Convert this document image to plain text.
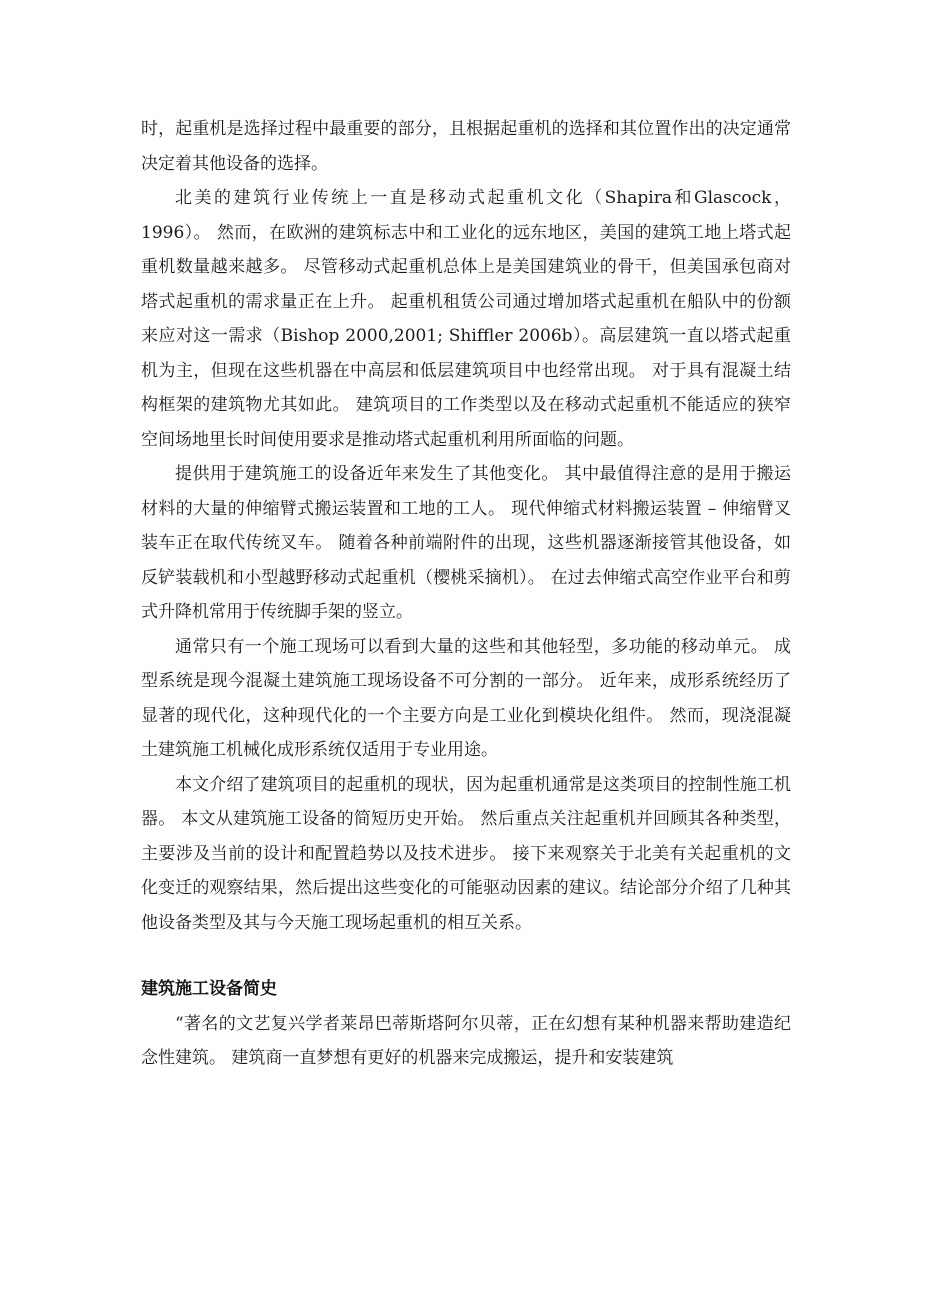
时，起重机是选择过程中最重要的部分，且根据起重机的选择和其位置作出的决定通常决定着其他设备的选择。

北美的建筑行业传统上一直是移动式起重机文化（Shapira和Glascock，1996）。 然而，在欧洲的建筑标志中和工业化的远东地区，美国的建筑工地上塔式起重机数量越来越多。 尽管移动式起重机总体上是美国建筑业的骨干，但美国承包商对塔式起重机的需求量正在上升。 起重机租赁公司通过增加塔式起重机在船队中的份额来应对这一需求（Bishop 2000,2001; Shiffler 2006b）。高层建筑一直以塔式起重机为主，但现在这些机器在中高层和低层建筑项目中也经常出现。 对于具有混凝土结构框架的建筑物尤其如此。 建筑项目的工作类型以及在移动式起重机不能适应的狭窄空间场地里长时间使用要求是推动塔式起重机利用所面临的问题。

提供用于建筑施工的设备近年来发生了其他变化。 其中最值得注意的是用于搬运材料的大量的伸缩臂式搬运装置和工地的工人。 现代伸缩式材料搬运装置 – 伸缩臂叉装车正在取代传统叉车。 随着各种前端附件的出现，这些机器逐渐接管其他设备，如反铲装载机和小型越野移动式起重机（樱桃采摘机）。 在过去伸缩式高空作业平台和剪式升降机常用于传统脚手架的竖立。

通常只有一个施工现场可以看到大量的这些和其他轻型，多功能的移动单元。 成型系统是现今混凝土建筑施工现场设备不可分割的一部分。 近年来，成形系统经历了显著的现代化，这种现代化的一个主要方向是工业化到模块化组件。 然而，现浇混凝土建筑施工机械化成形系统仅适用于专业用途。

本文介绍了建筑项目的起重机的现状，因为起重机通常是这类项目的控制性施工机器。 本文从建筑施工设备的简短历史开始。 然后重点关注起重机并回顾其各种类型，主要涉及当前的设计和配置趋势以及技术进步。 接下来观察关于北美有关起重机的文化变迁的观察结果，然后提出这些变化的可能驱动因素的建议。结论部分介绍了几种其他设备类型及其与今天施工现场起重机的相互关系。

建筑施工设备简史

“著名的文艺复兴学者莱昂巴蒂斯塔阿尔贝蒂，正在幻想有某种机器来帮助建造纪念性建筑。 建筑商一直梦想有更好的机器来完成搬运，提升和安装建筑
